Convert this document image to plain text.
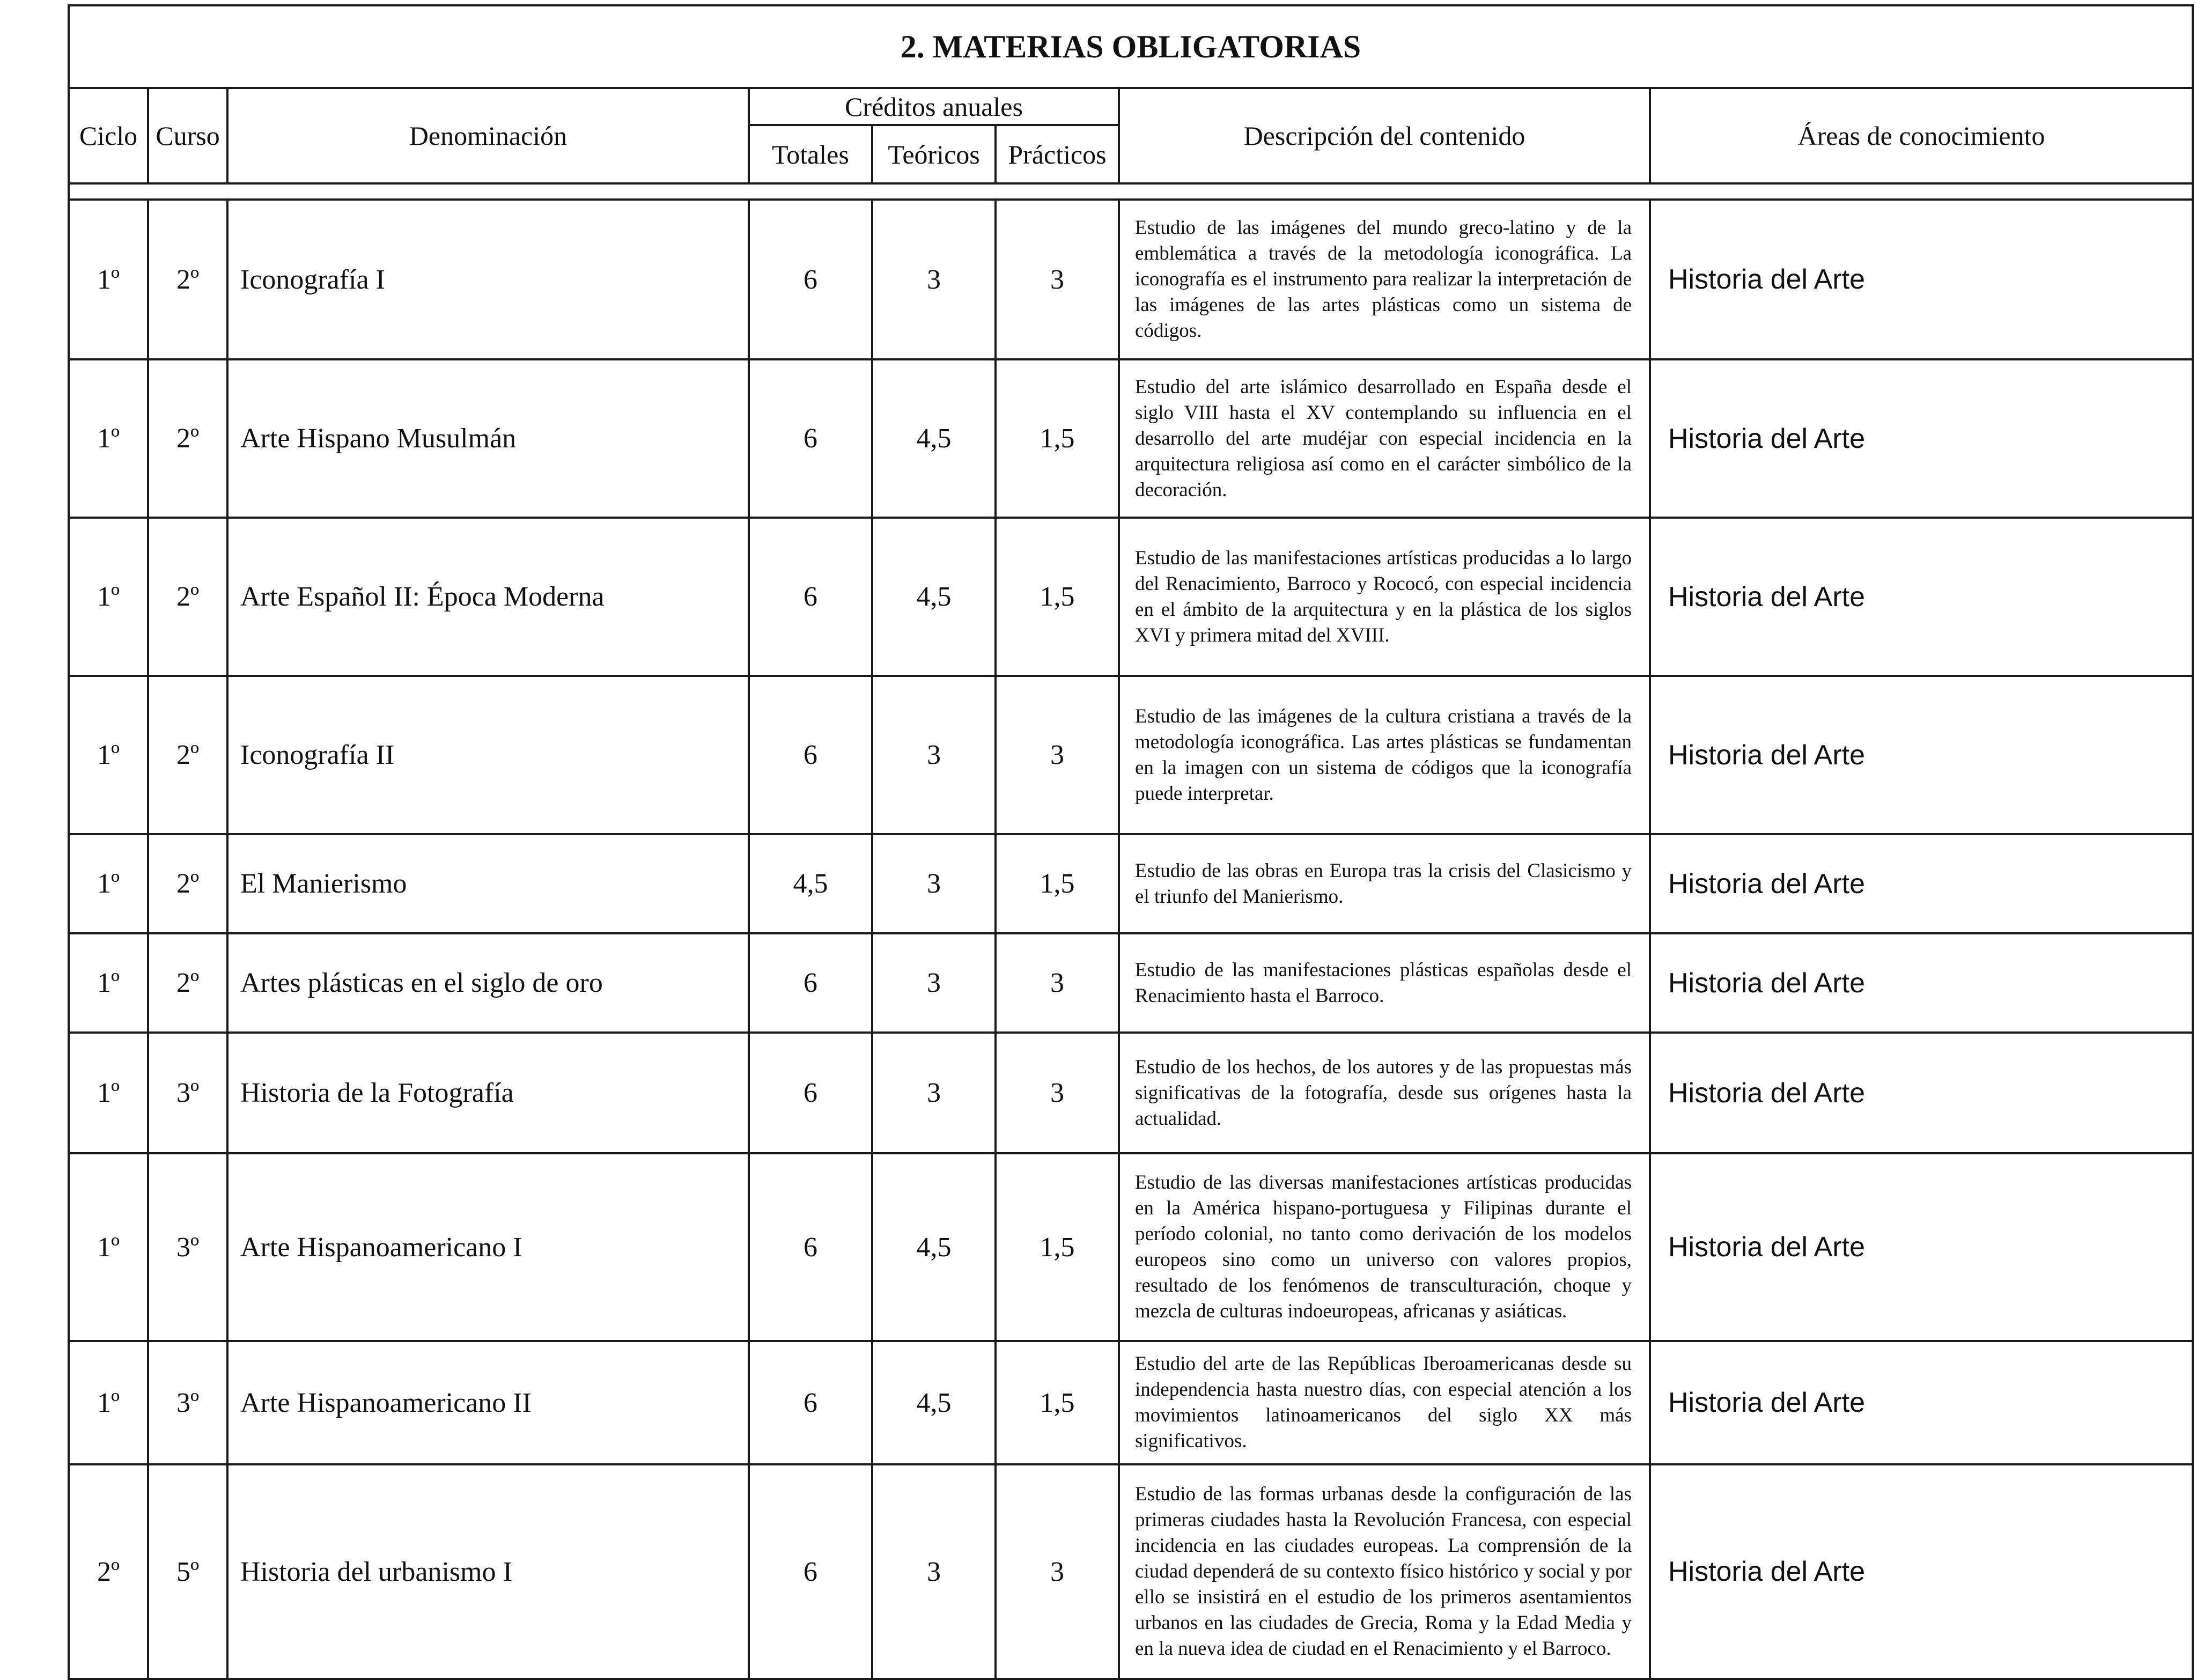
2. MATERIAS OBLIGATORIAS							
Ciclo	Curso	Denominación	Créditos anuales			Descripción del contenido	Áreas de conocimiento
			Totales	Teóricos	Prácticos		

1º	2º	Iconografía I	6	3	3	Estudio de las imágenes del mundo greco-latino y de la emblemática a través de la metodología iconográfica. La iconografía es el instrumento para realizar la interpretación de las imágenes de las artes plásticas como un sistema de códigos.	Historia del Arte
1º	2º	Arte Hispano Musulmán	6	4,5	1,5	Estudio del arte islámico desarrollado en España desde el siglo VIII hasta el XV contemplando su influencia en el desarrollo del arte mudéjar con especial incidencia en la arquitectura religiosa así como en el carácter simbólico de la decoración.	Historia del Arte
1º	2º	Arte Español II: Época Moderna	6	4,5	1,5	Estudio de las manifestaciones artísticas producidas a lo largo del Renacimiento, Barroco y Rococó, con especial incidencia en el ámbito de la arquitectura y en la plástica de los siglos XVI y primera mitad del XVIII.	Historia del Arte
1º	2º	Iconografía II	6	3	3	Estudio de las imágenes de la cultura cristiana a través de la metodología iconográfica. Las artes plásticas se fundamentan en la imagen con un sistema de códigos que la iconografía puede interpretar.	Historia del Arte
1º	2º	El Manierismo	4,5	3	1,5	Estudio de las obras en Europa tras la crisis del Clasicismo y el triunfo del Manierismo.	Historia del Arte
1º	2º	Artes plásticas en el siglo de oro	6	3	3	Estudio de las manifestaciones plásticas españolas desde el Renacimiento hasta el Barroco.	Historia del Arte
1º	3º	Historia de la Fotografía	6	3	3	Estudio de los hechos, de los autores y de las propuestas más significativas de la fotografía, desde sus orígenes hasta la actualidad.	Historia del Arte
1º	3º	Arte Hispanoamericano I	6	4,5	1,5	Estudio de las diversas manifestaciones artísticas producidas en la América hispano-portuguesa y Filipinas durante el período colonial, no tanto como derivación de los modelos europeos sino como un universo con valores propios, resultado de los fenómenos de transculturación, choque y mezcla de culturas indoeuropeas, africanas y asiáticas.	Historia del Arte
1º	3º	Arte Hispanoamericano II	6	4,5	1,5	Estudio del arte de las Repúblicas Iberoamericanas desde su independencia hasta nuestro días, con especial atención a los movimientos latinoamericanos del siglo XX más significativos.	Historia del Arte
2º	5º	Historia del urbanismo I	6	3	3	Estudio de las formas urbanas desde la configuración de las primeras ciudades hasta la Revolución Francesa, con especial incidencia en las ciudades europeas. La comprensión de la ciudad dependerá de su contexto físico histórico y social y por ello se insistirá en el estudio de los primeros asentamientos urbanos en las ciudades de Grecia, Roma y la Edad Media y en la nueva idea de ciudad en el Renacimiento y el Barroco.	Historia del Arte
